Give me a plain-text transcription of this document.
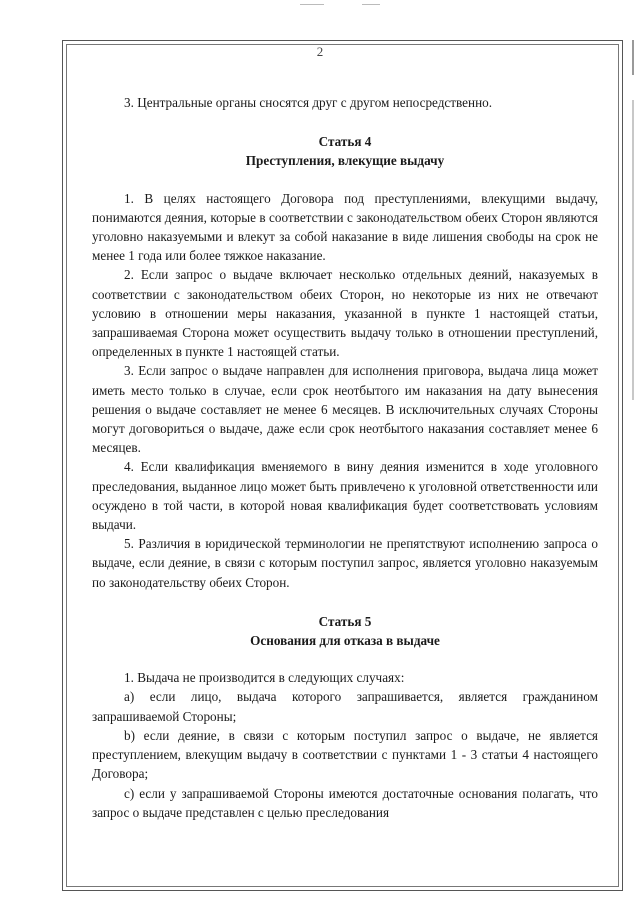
2

3. Центральные органы сносятся друг с другом непосредственно.

Статья 4

Преступления, влекущие выдачу

1. В целях настоящего Договора под преступлениями, влекущими выдачу, понимаются деяния, которые в соответствии с законодательством обеих Сторон являются уголовно наказуемыми и влекут за собой наказание в виде лишения свободы на срок не менее 1 года или более тяжкое наказание.

2. Если запрос о выдаче включает несколько отдельных деяний, наказуемых в соответствии с законодательством обеих Сторон, но некоторые из них не отвечают условию в отношении меры наказания, указанной в пункте 1 настоящей статьи, запрашиваемая Сторона может осуществить выдачу только в отношении преступлений, определенных в пункте 1 настоящей статьи.

3. Если запрос о выдаче направлен для исполнения приговора, выдача лица может иметь место только в случае, если срок неотбытого им наказания на дату вынесения решения о выдаче составляет не менее 6 месяцев. В исключительных случаях Стороны могут договориться о выдаче, даже если срок неотбытого наказания составляет менее 6 месяцев.

4. Если квалификация вменяемого в вину деяния изменится в ходе уголовного преследования, выданное лицо может быть привлечено к уголовной ответственности или осуждено в той части, в которой новая квалификация будет соответствовать условиям выдачи.

5. Различия в юридической терминологии не препятствуют исполнению запроса о выдаче, если деяние, в связи с которым поступил запрос, является уголовно наказуемым по законодательству обеих Сторон.

Статья 5

Основания для отказа в выдаче

1. Выдача не производится в следующих случаях:

a) если лицо, выдача которого запрашивается, является гражданином запрашиваемой Стороны;

b) если деяние, в связи с которым поступил запрос о выдаче, не является преступлением, влекущим выдачу в соответствии с пунктами 1 - 3 статьи 4 настоящего Договора;

c) если у запрашиваемой Стороны имеются достаточные основания полагать, что запрос о выдаче представлен с целью преследования
